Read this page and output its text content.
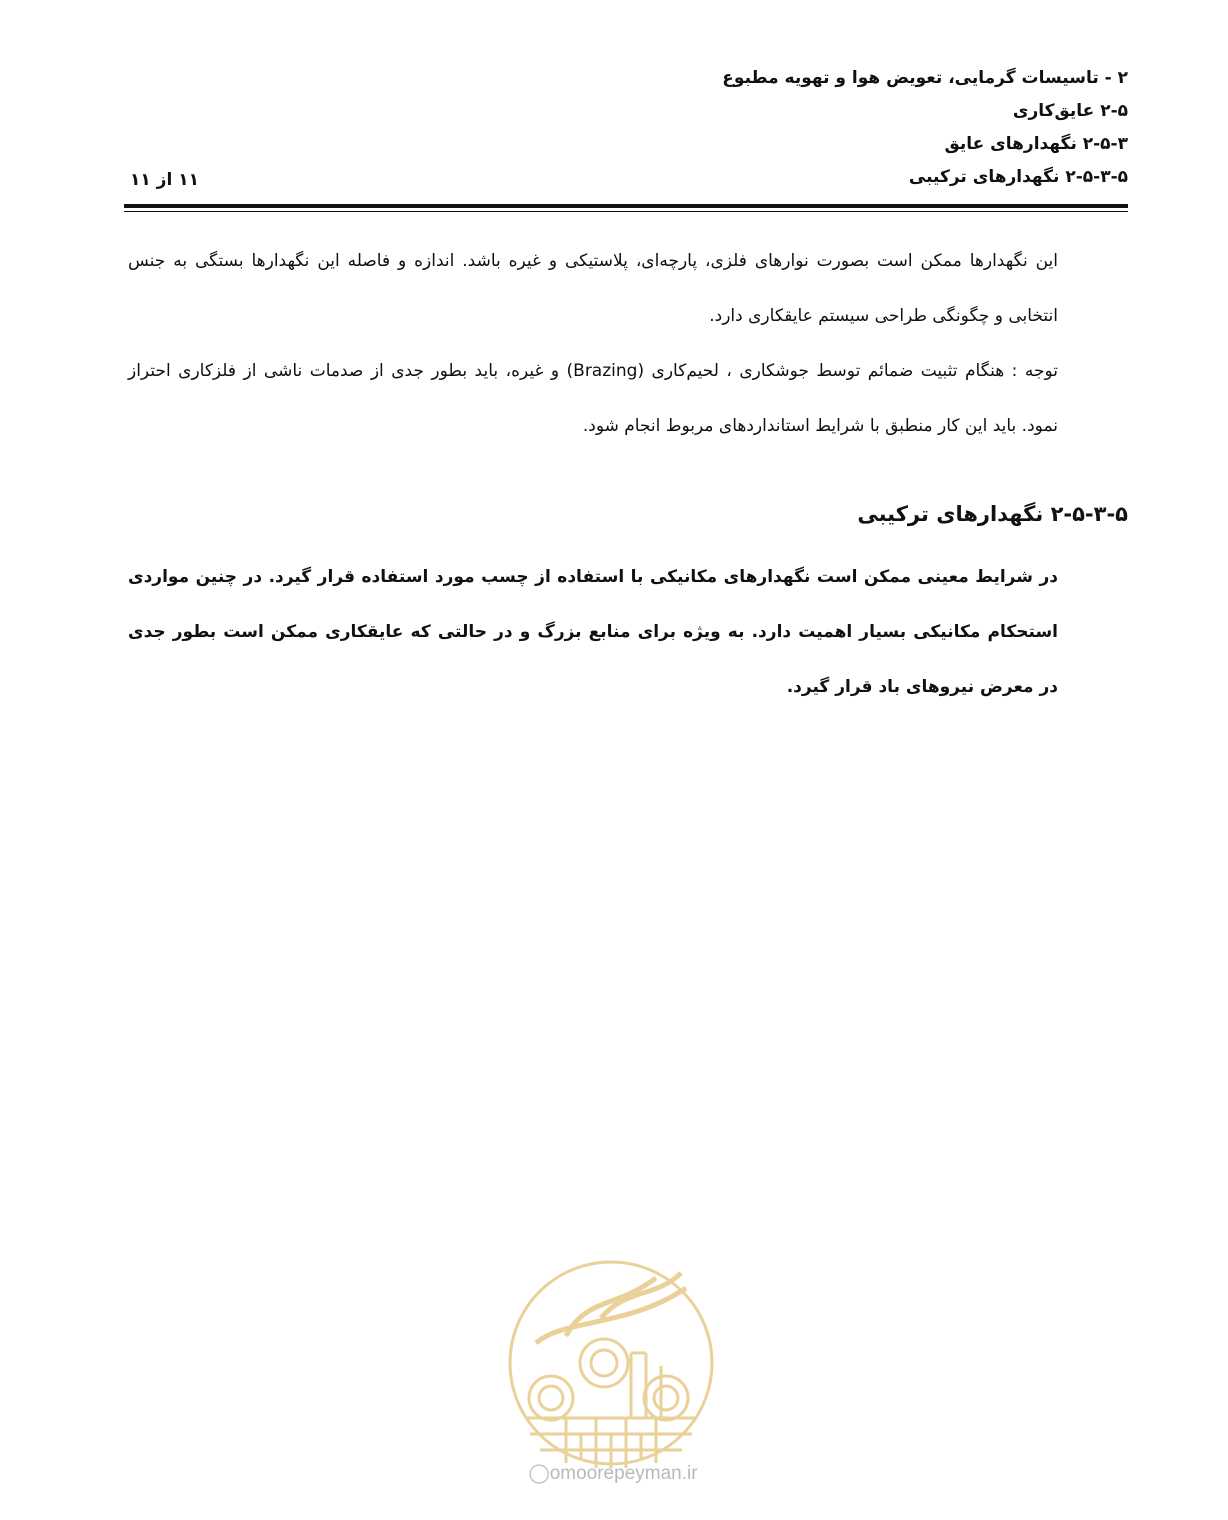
۲ - تاسیسات گرمایی، تعویض هوا و تهویه مطبوع
۲-۵ عایق‌کاری
۲-۵-۳ نگهدارهای عایق
۲-۵-۳-۵ نگهدارهای ترکیبی
۱۱ از ۱۱

این نگهدارها ممکن است بصورت نوارهای فلزی، پارچه‌ای، پلاستیکی و غیره باشد. اندازه و فاصله این نگهدارها بستگی به جنس انتخابی و چگونگی طراحی سیستم عایقکاری دارد.

توجه : هنگام تثبیت ضمائم توسط جوشکاری ، لحیم‌کاری (Brazing) و غیره، باید بطور جدی از صدمات ناشی از فلزکاری احتراز نمود. باید این کار منطبق با شرایط استانداردهای مربوط انجام شود.

۲-۵-۳-۵ نگهدارهای ترکیبی

در شرایط معینی ممکن است نگهدارهای مکانیکی با استفاده از چسب مورد استفاده قرار گیرد. در چنین مواردی استحکام مکانیکی بسیار اهمیت دارد. به ویژه برای منابع بزرگ و در حالتی که عایقکاری ممکن است بطور جدی در معرض نیروهای باد قرار گیرد.

◯omoorepeyman.ir
